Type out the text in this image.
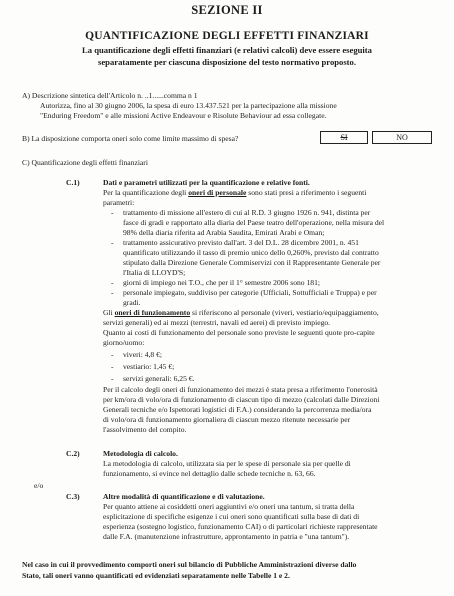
SEZIONE II
QUANTIFICAZIONE DEGLI EFFETTI FINANZIARI
La quantificazione degli effetti finanziari (e relativi calcoli) deve essere eseguita
separatamente per ciascuna disposizione del testo normativo proposto.
A) Descrizione sintetica dell'Articolo n. ..1......comma n 1
Autorizza, fino al 30 giugno 2006, la spesa di euro 13.437.521 per la partecipazione alla missione
"Enduring Freedom" e alle missioni Active Endeavour e Risolute Behaviour ad essa collegate.
B) La disposizione comporta oneri solo come limite massimo di spesa?	SI	NO
C) Quantificazione degli effetti finanziari
C.1)	Dati e parametri utilizzati per la quantificazione e relative fonti.
Per la quantificazione degli oneri di personale sono stati presi a riferimento i seguenti
parametri:
- trattamento di missione all'estero di cui al R.D. 3 giugno 1926 n. 941, distinta per
fasce di gradi e rapportato alla diaria del Paese teatro dell'operazione, nella misura del
98% della diaria riferita ad Arabia Saudita, Emirati Arabi e Oman;
- trattamento assicurativo previsto dall'art. 3 del D.L. 28 dicembre 2001, n. 451
quantificato utilizzando il tasso di premio unico dello 0,260%, previsto dal contratto
stipulato dalla Direzione Generale Commiservizi con il Rappresentante Generale per
l'Italia di LLOYD'S;
- giorni di impiego nei T.O., che per il 1° semestre 2006 sono 181;
- personale impiegato, suddiviso per categorie (Ufficiali, Sottufficiali e Truppa) e per
gradi.
Gli oneri di funzionamento si riferiscono al personale (viveri, vestiario/equipaggiamento,
servizi generali) ed ai mezzi (terrestri, navali ed aerei) di previsto impiego.
Quanto ai costi di funzionamento del personale sono previste le seguenti quote pro-capite
giorno/uomo:
- viveri: 4,8 €;
- vestiario: 1,45 €;
- servizi generali: 6,25 €.
Per il calcolo degli oneri di funzionamento dei mezzi è stata presa a riferimento l'onerosità
per km/ora di volo/ora di funzionamento di ciascun tipo di mezzo (calcolati dalle Direzioni
Generali tecniche e/o Ispettorati logistici di F.A.) considerando la percorrenza media/ora
di volo/ora di funzionamento giornaliera di ciascun mezzo ritenute necessarie per
l'assolvimento del compito.
C.2)	Metodologia di calcolo.
La metodologia di calcolo, utilizzata sia per le spese di personale sia per quelle di
funzionamento, si evince nel dettaglio dalle schede tecniche n. 63, 66.
e/o
C.3)	Altre modalità di quantificazione e di valutazione.
Per quanto attiene ai cosiddetti oneri aggiuntivi e/o oneri una tantum, si tratta della
esplicitazione di specifiche esigenze i cui oneri sono quantificati sulla base di dati di
esperienza (sostegno logistico, funzionamento CAI) o di particolari richieste rappresentate
dalle F.A. (manutenzione infrastrutture, approntamento in patria e "una tantum").
Nel caso in cui il provvedimento comporti oneri sul bilancio di Pubbliche Amministrazioni diverse dallo
Stato, tali oneri vanno quantificati ed evidenziati separatamente nelle Tabelle 1 e 2.
